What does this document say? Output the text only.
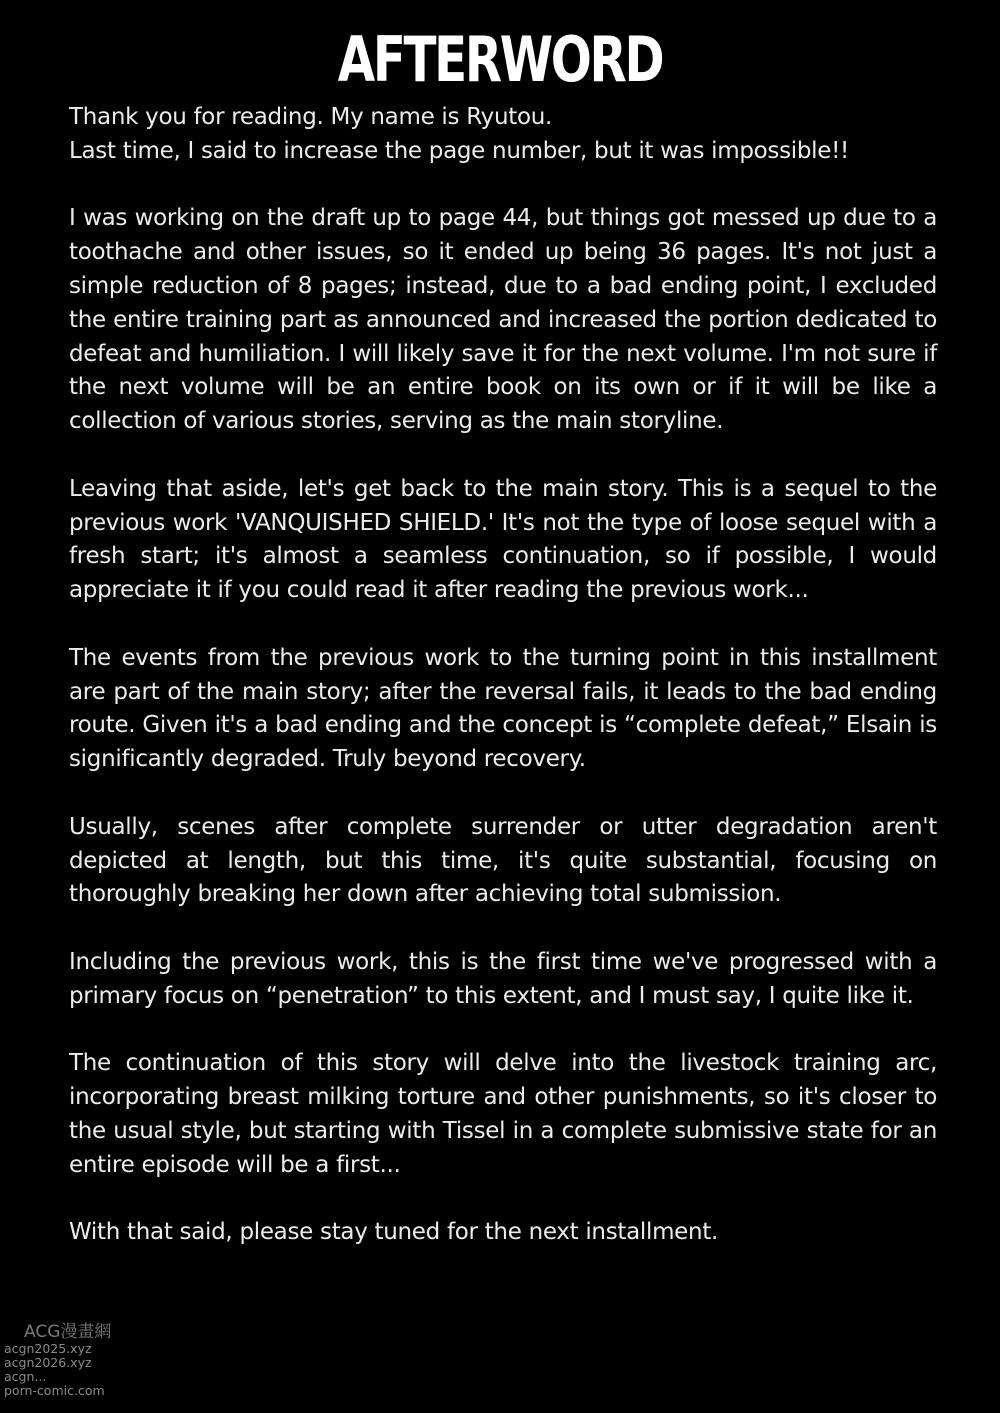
AFTERWORD

Thank you for reading. My name is Ryutou.
Last time, I said to increase the page number, but it was impossible!!

I was working on the draft up to page 44, but things got messed up due to a toothache and other issues, so it ended up being 36 pages. It's not just a simple reduction of 8 pages; instead, due to a bad ending point, I excluded the entire training part as announced and increased the portion dedicated to defeat and humiliation. I will likely save it for the next volume. I'm not sure if the next volume will be an entire book on its own or if it will be like a collection of various stories, serving as the main storyline.

Leaving that aside, let's get back to the main story. This is a sequel to the previous work 'VANQUISHED SHIELD.' It's not the type of loose sequel with a fresh start; it's almost a seamless continuation, so if possible, I would appreciate it if you could read it after reading the previous work...

The events from the previous work to the turning point in this installment are part of the main story; after the reversal fails, it leads to the bad ending route. Given it's a bad ending and the concept is “complete defeat,” Elsain is significantly degraded. Truly beyond recovery.

Usually, scenes after complete surrender or utter degradation aren't depicted at length, but this time, it's quite substantial, focusing on thoroughly breaking her down after achieving total submission.

Including the previous work, this is the first time we've progressed with a primary focus on “penetration” to this extent, and I must say, I quite like it.

The continuation of this story will delve into the livestock training arc, incorporating breast milking torture and other punishments, so it's closer to the usual style, but starting with Tissel in a complete submissive state for an entire episode will be a first...

With that said, please stay tuned for the next installment.

ACG漫畫網
acgn2025.xyz
acgn2026.xyz
acgn...
porn-comic.com
